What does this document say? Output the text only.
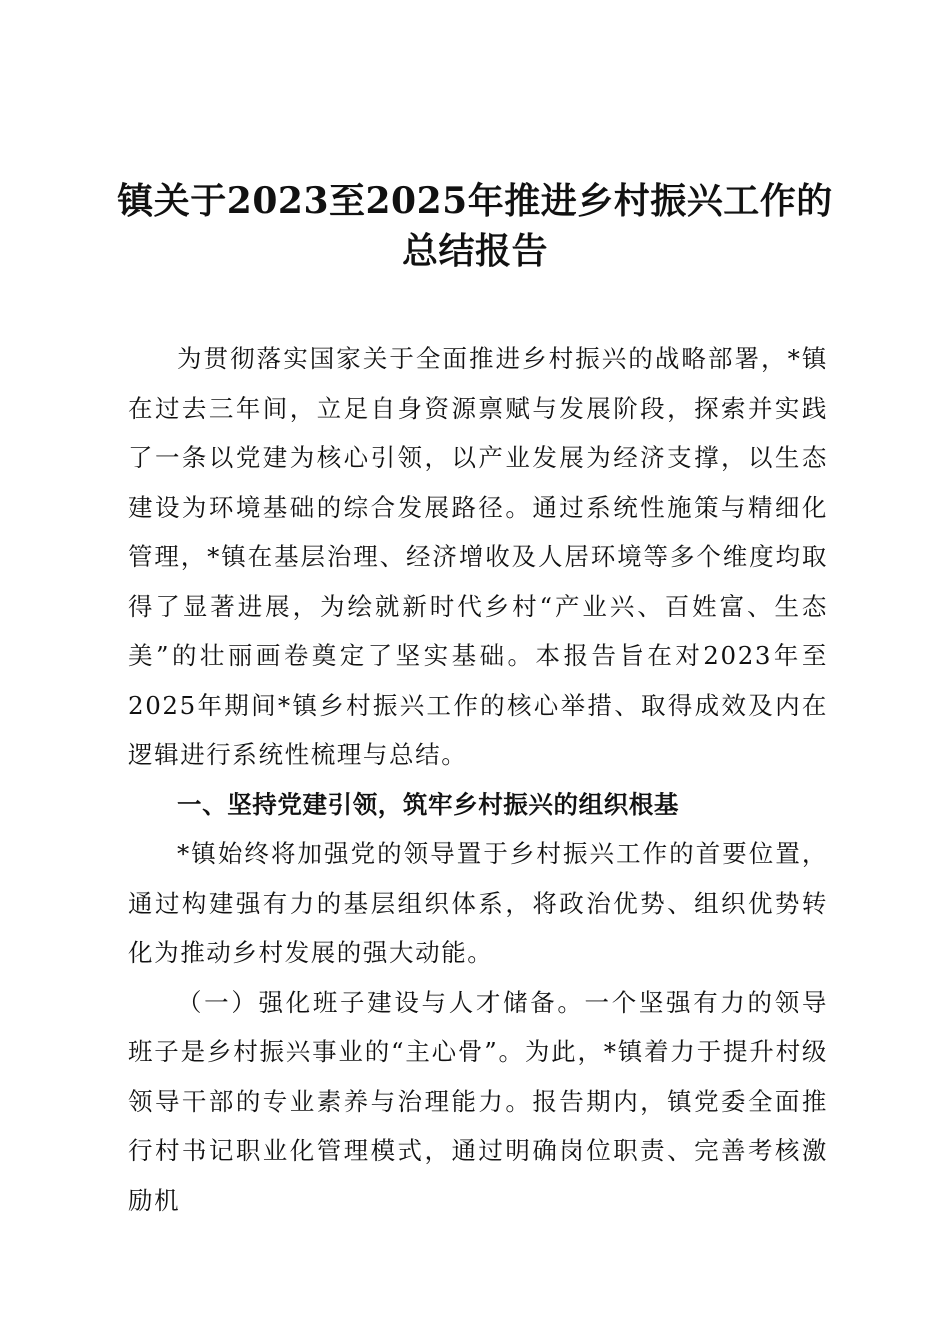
镇关于2023至2025年推进乡村振兴工作的总结报告

为贯彻落实国家关于全面推进乡村振兴的战略部署，*镇在过去三年间，立足自身资源禀赋与发展阶段，探索并实践了一条以党建为核心引领，以产业发展为经济支撑，以生态建设为环境基础的综合发展路径。通过系统性施策与精细化管理，*镇在基层治理、经济增收及人居环境等多个维度均取得了显著进展，为绘就新时代乡村“产业兴、百姓富、生态美”的壮丽画卷奠定了坚实基础。本报告旨在对2023年至2025年期间*镇乡村振兴工作的核心举措、取得成效及内在逻辑进行系统性梳理与总结。

一、坚持党建引领，筑牢乡村振兴的组织根基

*镇始终将加强党的领导置于乡村振兴工作的首要位置，通过构建强有力的基层组织体系，将政治优势、组织优势转化为推动乡村发展的强大动能。

（一）强化班子建设与人才储备。一个坚强有力的领导班子是乡村振兴事业的“主心骨”。为此，*镇着力于提升村级领导干部的专业素养与治理能力。报告期内，镇党委全面推行村书记职业化管理模式，通过明确岗位职责、完善考核激励机
